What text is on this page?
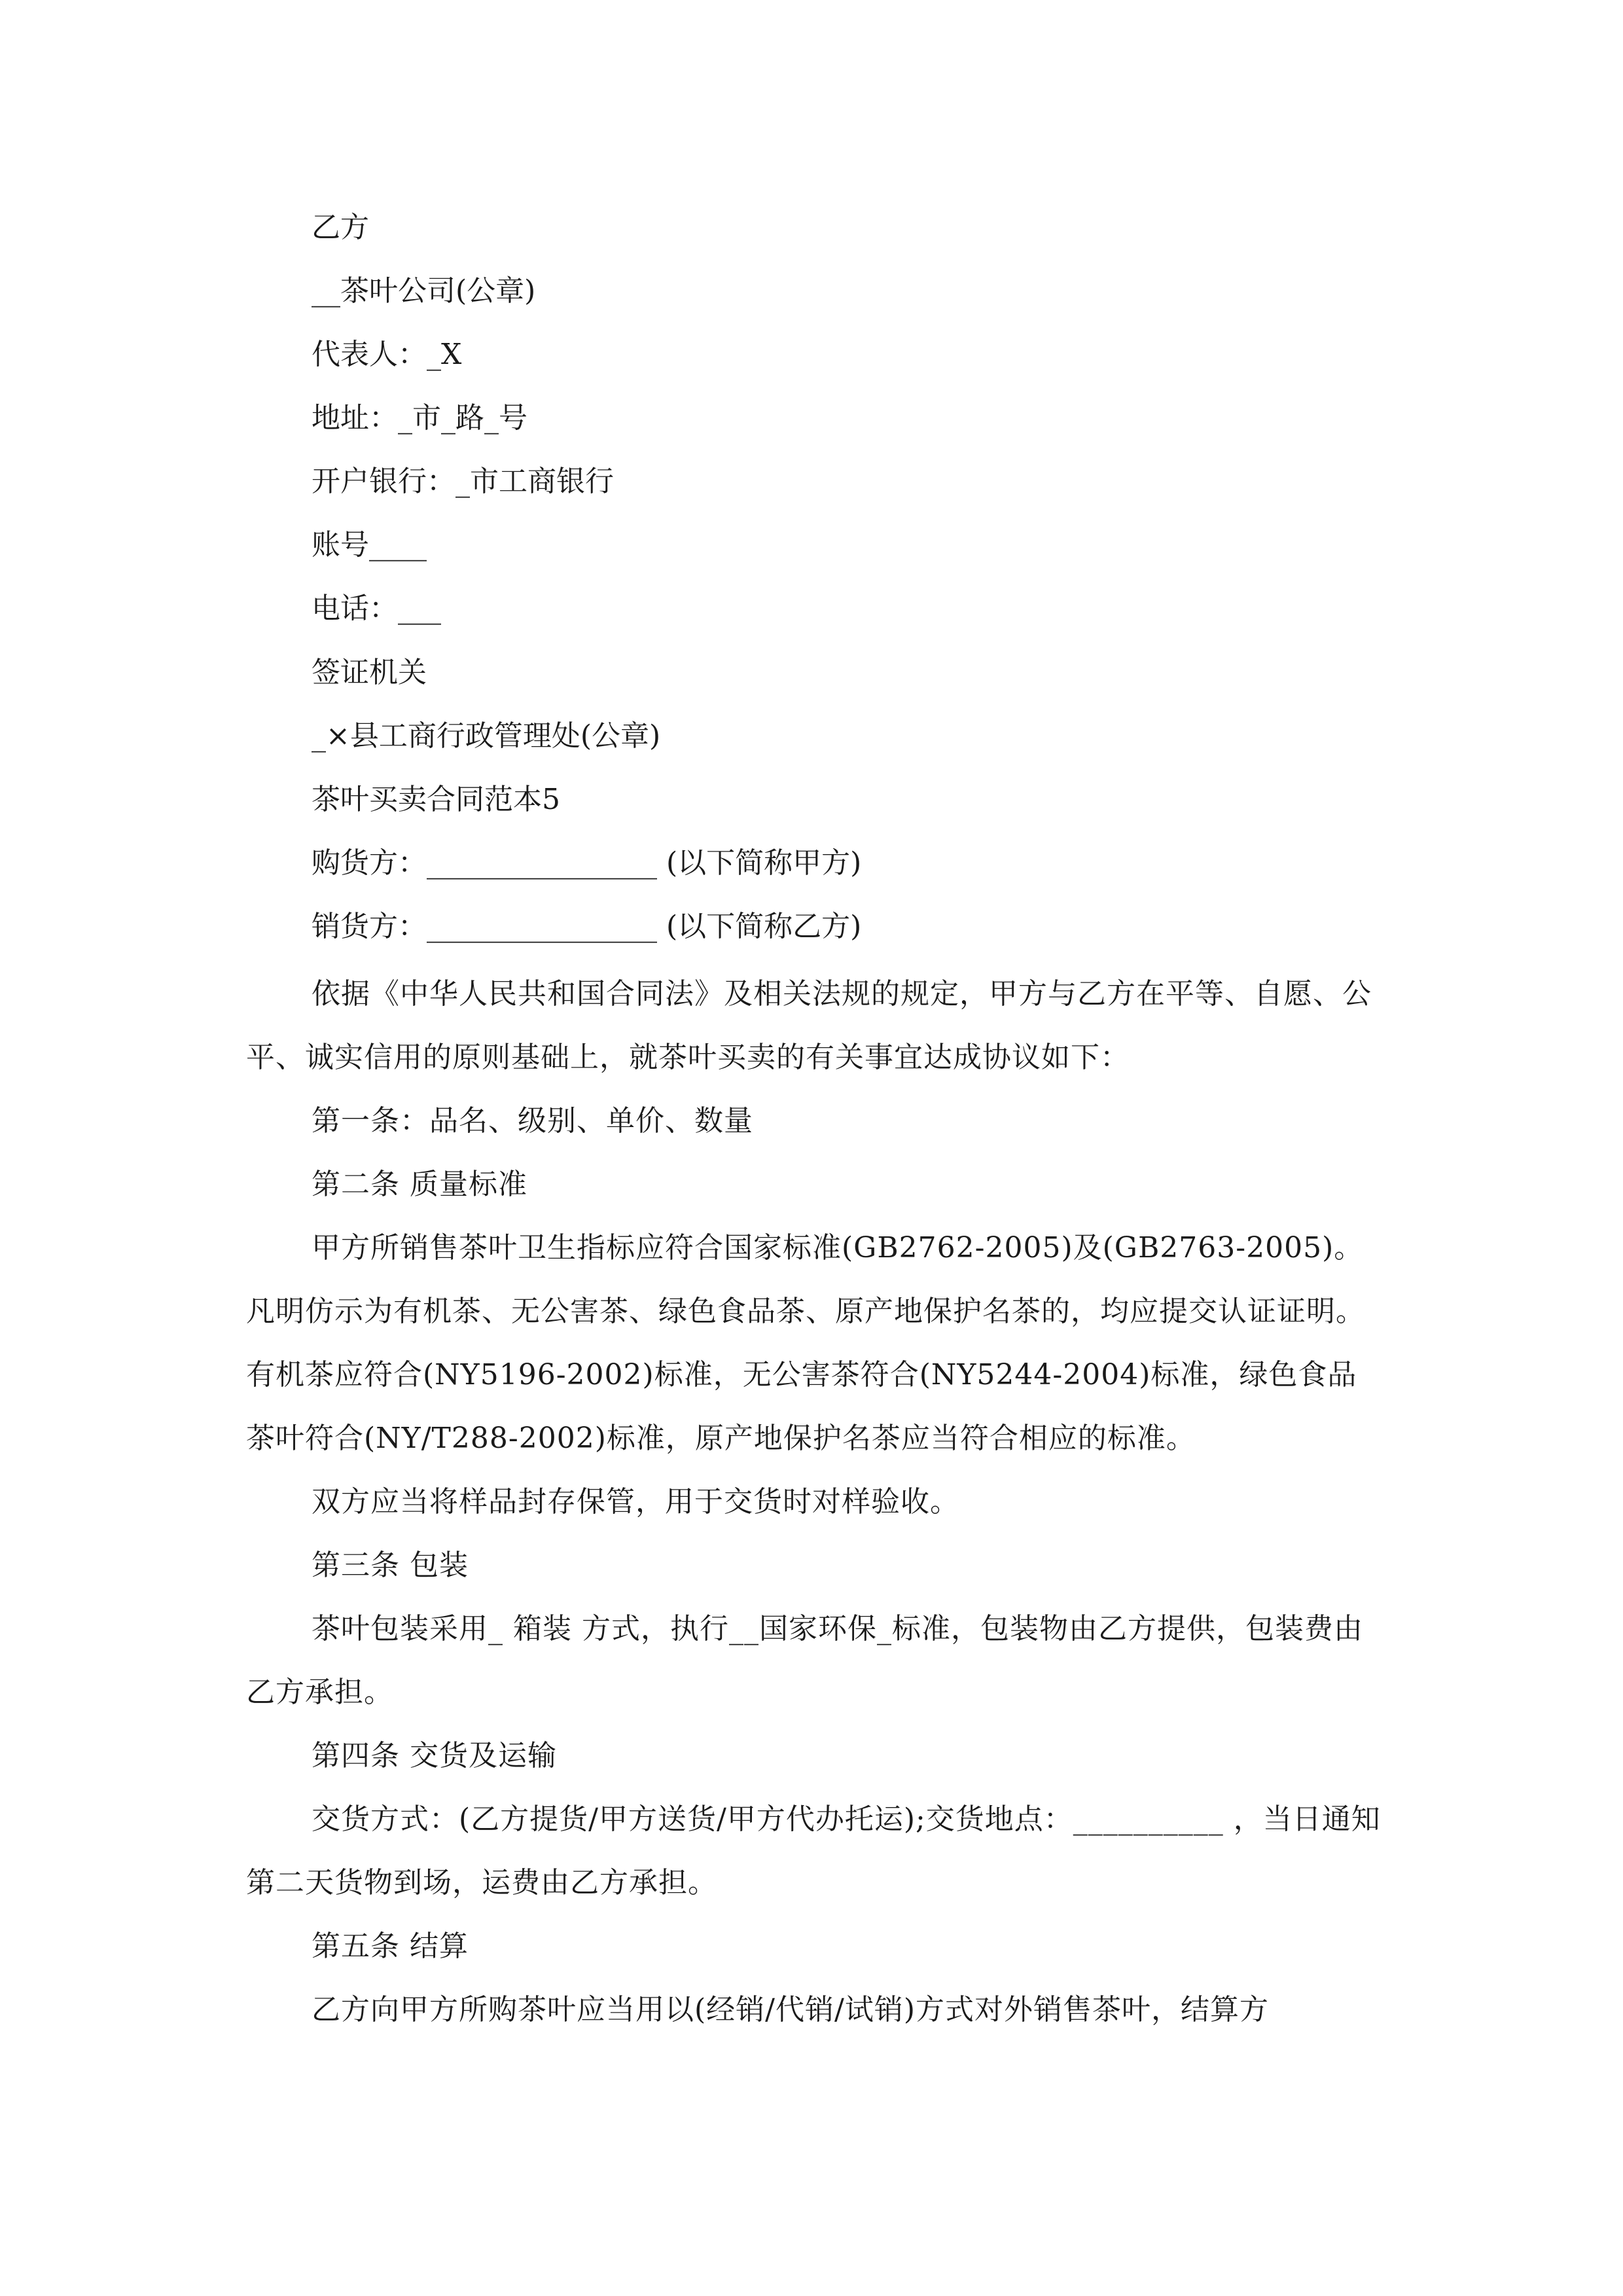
乙方
__茶叶公司(公章)
代表人：_X
地址：_市_路_号
开户银行：_市工商银行
账号____
电话：___
签证机关
_×县工商行政管理处(公章)
茶叶买卖合同范本5
购货方：________________ (以下简称甲方)
销货方：________________ (以下简称乙方)
依据《中华人民共和国合同法》及相关法规的规定，甲方与乙方在平等、自愿、公平、诚实信用的原则基础上，就茶叶买卖的有关事宜达成协议如下：
第一条：品名、级别、单价、数量
第二条 质量标准
甲方所销售茶叶卫生指标应符合国家标准(GB2762-2005)及(GB2763-2005)。凡明仿示为有机茶、无公害茶、绿色食品茶、原产地保护名茶的，均应提交认证证明。有机茶应符合(NY5196-2002)标准，无公害茶符合(NY5244-2004)标准，绿色食品茶叶符合(NY/T288-2002)标准，原产地保护名茶应当符合相应的标准。
双方应当将样品封存保管，用于交货时对样验收。
第三条 包装
茶叶包装采用_ 箱装 方式，执行__国家环保_标准，包装物由乙方提供，包装费由乙方承担。
第四条 交货及运输
交货方式：(乙方提货/甲方送货/甲方代办托运);交货地点：__________ ，当日通知第二天货物到场，运费由乙方承担。
第五条 结算
乙方向甲方所购茶叶应当用以(经销/代销/试销)方式对外销售茶叶，结算方
